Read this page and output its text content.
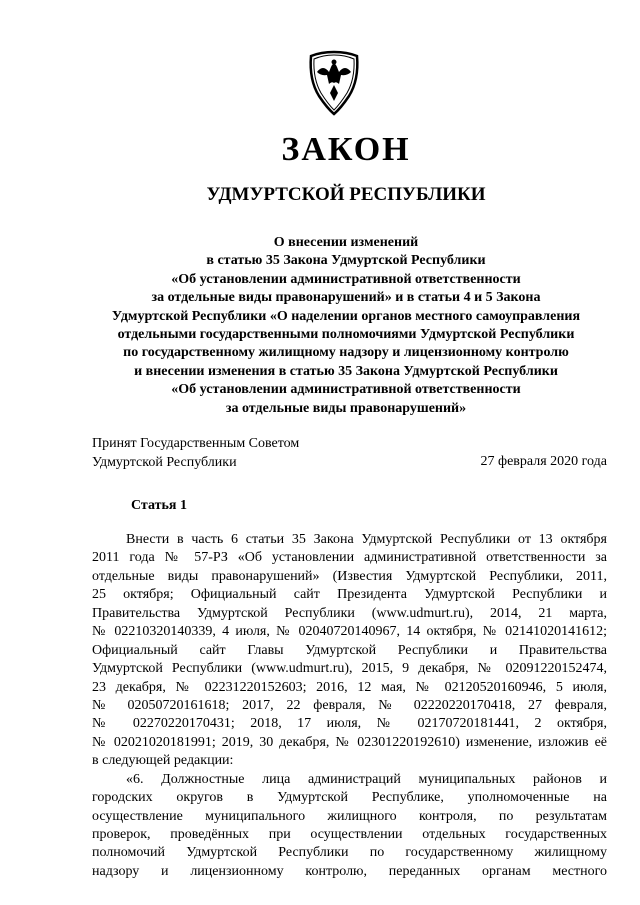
ЗАКОН
УДМУРТСКОЙ РЕСПУБЛИКИ
О внесении изменений
в статью 35 Закона Удмуртской Республики
«Об установлении административной ответственности
за отдельные виды правонарушений» и в статьи 4 и 5 Закона
Удмуртской Республики «О наделении органов местного самоуправления
отдельными государственными полномочиями Удмуртской Республики
по государственному жилищному надзору и лицензионному контролю
и внесении изменения в статью 35 Закона Удмуртской Республики
«Об установлении административной ответственности
за отдельные виды правонарушений»
Принят Государственным Советом
Удмуртской Республики	27 февраля 2020 года
Статья 1
Внести в часть 6 статьи 35 Закона Удмуртской Республики от 13 октября
2011 года № 57-РЗ «Об установлении административной ответственности за
отдельные виды правонарушений» (Известия Удмуртской Республики, 2011,
25 октября; Официальный сайт Президента Удмуртской Республики и
Правительства Удмуртской Республики (www.udmurt.ru), 2014, 21 марта,
№ 02210320140339, 4 июля, № 02040720140967, 14 октября, № 02141020141612;
Официальный сайт Главы Удмуртской Республики и Правительства
Удмуртской Республики (www.udmurt.ru), 2015, 9 декабря, № 02091220152474,
23 декабря, № 02231220152603; 2016, 12 мая, № 02120520160946, 5 июля,
№ 02050720161618; 2017, 22 февраля, № 02220220170418, 27 февраля,
№ 02270220170431; 2018, 17 июля, № 02170720181441, 2 октября,
№ 02021020181991; 2019, 30 декабря, № 02301220192610) изменение, изложив её
в следующей редакции:
«6. Должностные лица администраций муниципальных районов и
городских округов в Удмуртской Республике, уполномоченные на
осуществление муниципального жилищного контроля, по результатам
проверок, проведённых при осуществлении отдельных государственных
полномочий Удмуртской Республики по государственному жилищному
надзору и лицензионному контролю, переданных органам местного
